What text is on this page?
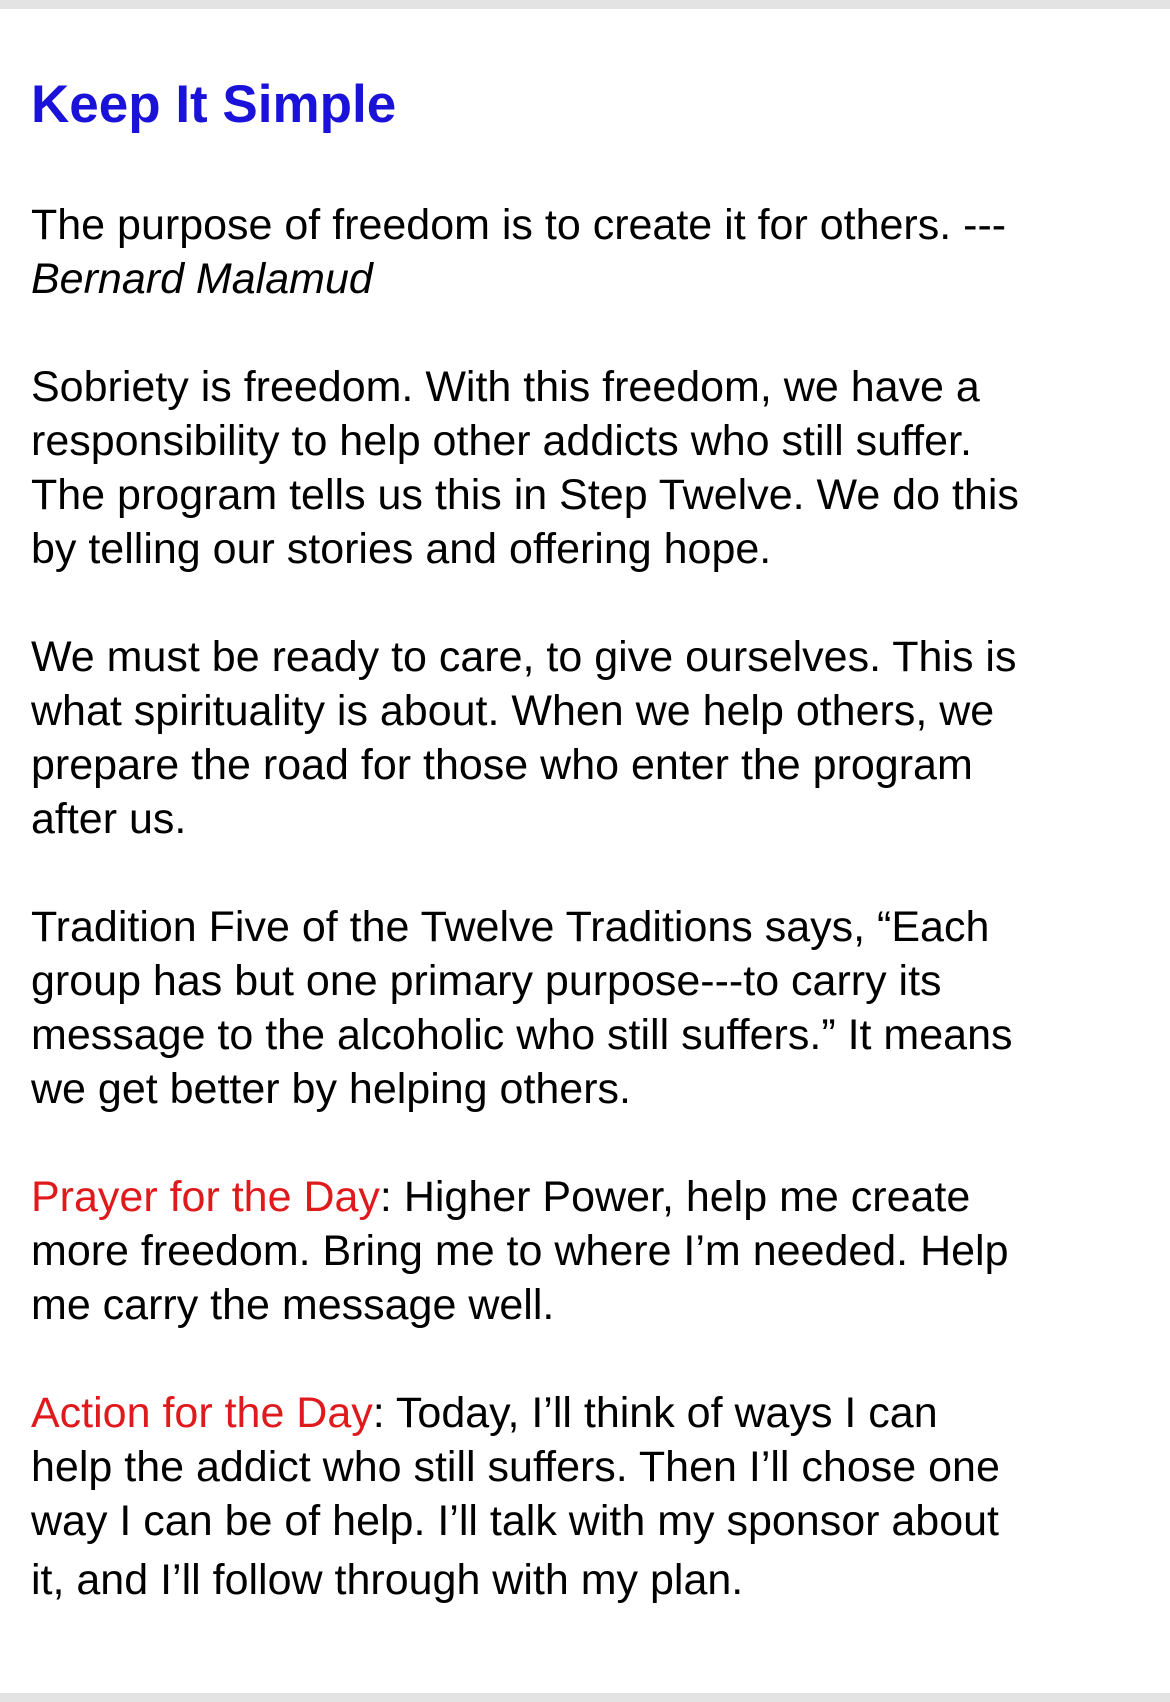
Keep It Simple

The purpose of freedom is to create it for others. ---
Bernard Malamud

Sobriety is freedom. With this freedom, we have a
responsibility to help other addicts who still suffer.
The program tells us this in Step Twelve. We do this
by telling our stories and offering hope.

We must be ready to care, to give ourselves. This is
what spirituality is about. When we help others, we
prepare the road for those who enter the program
after us.

Tradition Five of the Twelve Traditions says, “Each
group has but one primary purpose---to carry its
message to the alcoholic who still suffers.” It means
we get better by helping others.

Prayer for the Day: Higher Power, help me create
more freedom. Bring me to where I’m needed. Help
me carry the message well.

Action for the Day: Today, I’ll think of ways I can
help the addict who still suffers. Then I’ll chose one
way I can be of help. I’ll talk with my sponsor about
it, and I’ll follow through with my plan.
